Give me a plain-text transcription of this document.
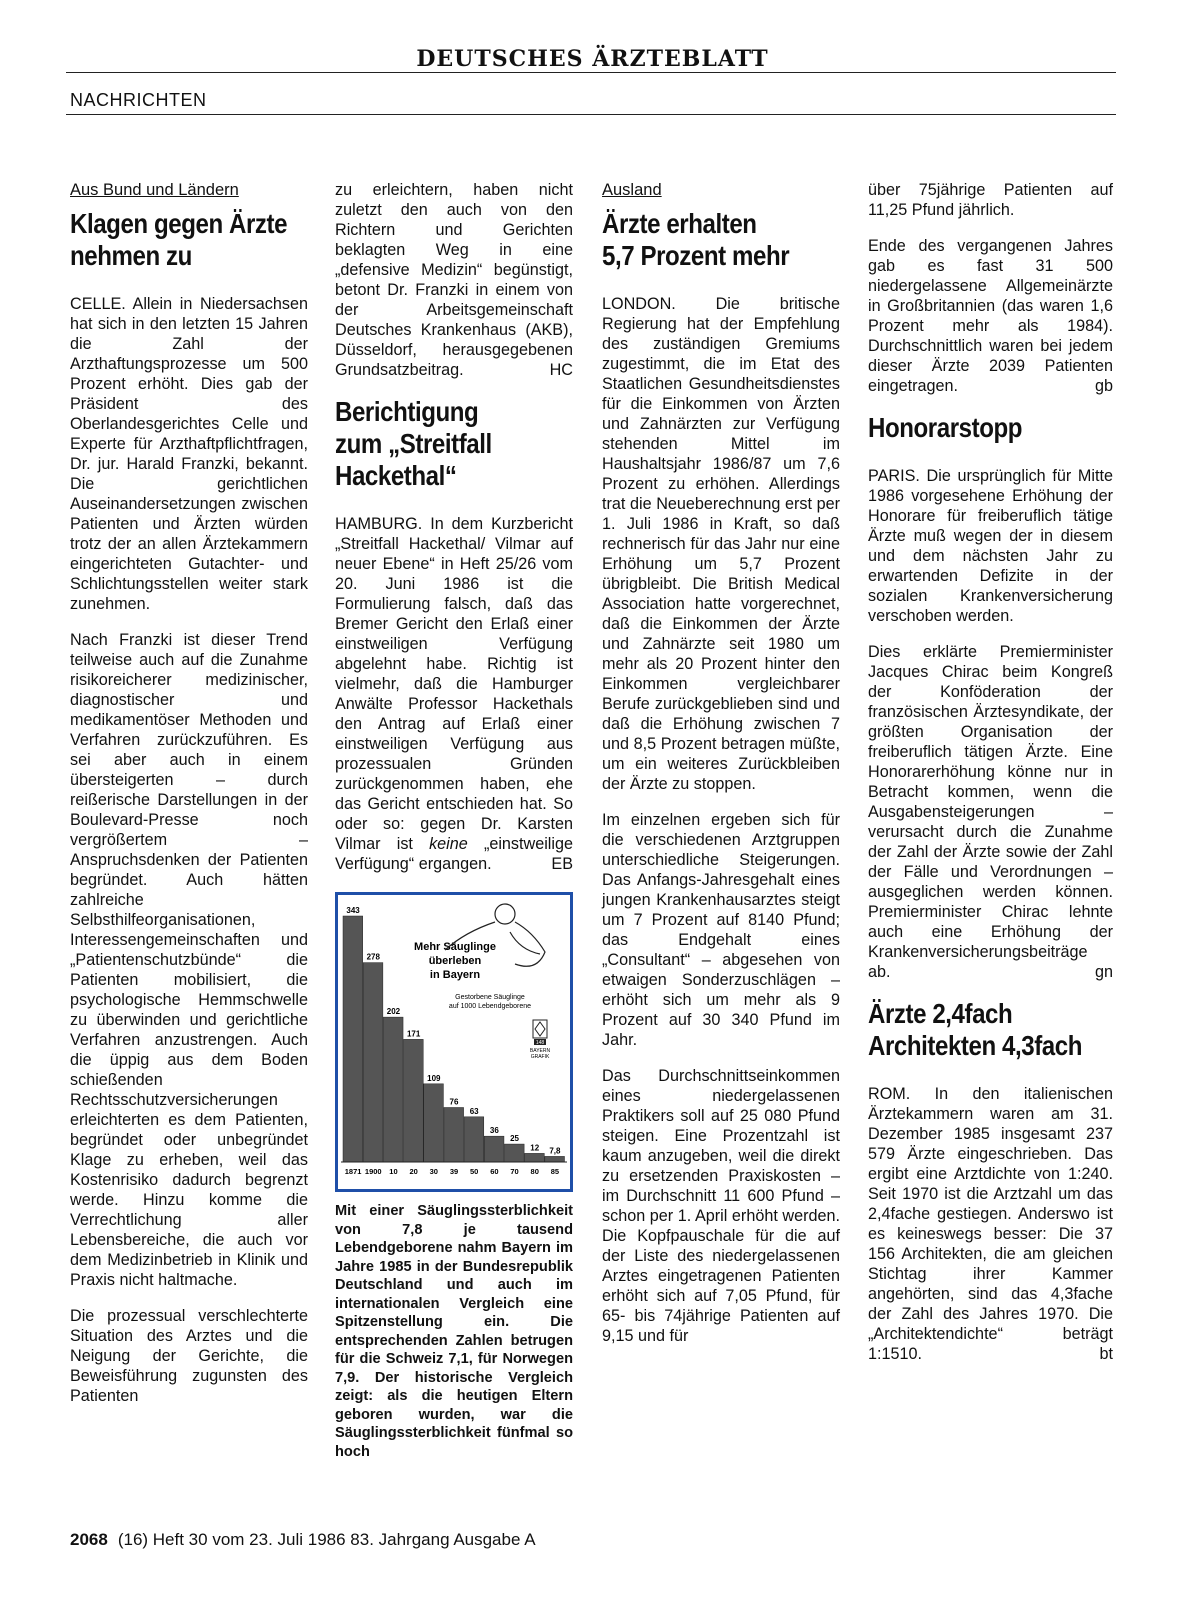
DEUTSCHES ÄRZTEBLATT
NACHRICHTEN
Aus Bund und Ländern
Klagen gegen Ärzte
nehmen zu

CELLE. Allein in Niedersachsen hat sich in den letzten 15 Jahren die Zahl der Arzthaftungsprozesse um 500 Prozent erhöht. Dies gab der Präsident des Oberlandesgerichtes Celle und Experte für Arzthaftpflichtfragen, Dr. jur. Harald Franzki, bekannt. Die gerichtlichen Auseinandersetzungen zwischen Patienten und Ärzten würden trotz der an allen Ärztekammern eingerichteten Gutachter- und Schlichtungsstellen weiter stark zunehmen.

Nach Franzki ist dieser Trend teilweise auch auf die Zunahme risikoreicherer medizinischer, diagnostischer und medikamentöser Methoden und Verfahren zurückzuführen. Es sei aber auch in einem übersteigerten – durch reißerische Darstellungen in der Boulevard-Presse noch vergrößertem – Anspruchsdenken der Patienten begründet. Auch hätten zahlreiche Selbsthilfeorganisationen, Interessengemeinschaften und „Patientenschutzbünde“ die Patienten mobilisiert, die psychologische Hemmschwelle zu überwinden und gerichtliche Verfahren anzustrengen. Auch die üppig aus dem Boden schießenden Rechtsschutzversicherungen erleichterten es dem Patienten, begründet oder unbegründet Klage zu erheben, weil das Kostenrisiko dadurch begrenzt werde. Hinzu komme die Verrechtlichung aller Lebensbereiche, die auch vor dem Medizinbetrieb in Klinik und Praxis nicht haltmache.

Die prozessual verschlechterte Situation des Arztes und die Neigung der Gerichte, die Beweisführung zugunsten des Patienten

zu erleichtern, haben nicht zuletzt den auch von den Richtern und Gerichten beklagten Weg in eine „defensive Medizin“ begünstigt, betont Dr. Franzki in einem von der Arbeitsgemeinschaft Deutsches Krankenhaus (AKB), Düsseldorf, herausgegebenen Grundsatzbeitrag.	HC

Berichtigung
zum „Streitfall
Hackethal“

HAMBURG. In dem Kurzbericht „Streitfall Hackethal/ Vilmar auf neuer Ebene“ in Heft 25/26 vom 20. Juni 1986 ist die Formulierung falsch, daß das Bremer Gericht den Erlaß einer einstweiligen Verfügung abgelehnt habe. Richtig ist vielmehr, daß die Hamburger Anwälte Professor Hackethals den Antrag auf Erlaß einer einstweiligen Verfügung aus prozessualen Gründen zurückgenommen haben, ehe das Gericht entschieden hat. So oder so: gegen Dr. Karsten Vilmar ist keine „einstweilige Verfügung“ ergangen.	EB

343
278
202
171
109
76
63
36
25
12 7,8
1871 1900 10 20 30 39 50 60 70 80 85
Mehr Säuglinge
überleben
in Bayern
Gestorbene Säuglinge
auf 1000 Lebendgeborene
148
BAYERN
GRAFIK
Mit einer Säuglingssterblichkeit von 7,8 je tausend Lebendgeborene nahm Bayern im Jahre 1985 in der Bundesrepublik Deutschland und auch im internationalen Vergleich eine Spitzenstellung ein. Die entsprechenden Zahlen betrugen für die Schweiz 7,1, für Norwegen 7,9. Der historische Vergleich zeigt: als die heutigen Eltern geboren wurden, war die Säuglingssterblichkeit fünfmal so hoch
Ausland
Ärzte erhalten
5,7 Prozent mehr

LONDON. Die britische Regierung hat der Empfehlung des zuständigen Gremiums zugestimmt, die im Etat des Staatlichen Gesundheitsdienstes für die Einkommen von Ärzten und Zahnärzten zur Verfügung stehenden Mittel im Haushaltsjahr 1986/87 um 7,6 Prozent zu erhöhen. Allerdings trat die Neueberechnung erst per 1. Juli 1986 in Kraft, so daß rechnerisch für das Jahr nur eine Erhöhung um 5,7 Prozent übrigbleibt. Die British Medical Association hatte vorgerechnet, daß die Einkommen der Ärzte und Zahnärzte seit 1980 um mehr als 20 Prozent hinter den Einkommen vergleichbarer Berufe zurückgeblieben sind und daß die Erhöhung zwischen 7 und 8,5 Prozent betragen müßte, um ein weiteres Zurückbleiben der Ärzte zu stoppen.

Im einzelnen ergeben sich für die verschiedenen Arztgruppen unterschiedliche Steigerungen. Das Anfangs-Jahresgehalt eines jungen Krankenhausarztes steigt um 7 Prozent auf 8140 Pfund; das Endgehalt eines „Consultant“ – abgesehen von etwaigen Sonderzuschlägen – erhöht sich um mehr als 9 Prozent auf 30 340 Pfund im Jahr.

Das Durchschnittseinkommen eines niedergelassenen Praktikers soll auf 25 080 Pfund steigen. Eine Prozentzahl ist kaum anzugeben, weil die direkt zu ersetzenden Praxiskosten – im Durchschnitt 11 600 Pfund – schon per 1. April erhöht werden. Die Kopfpauschale für die auf der Liste des niedergelassenen Arztes eingetragenen Patienten erhöht sich auf 7,05 Pfund, für 65- bis 74jährige Patienten auf 9,15 und für

über 75jährige Patienten auf 11,25 Pfund jährlich.

Ende des vergangenen Jahres gab es fast 31 500 niedergelassene Allgemeinärzte in Großbritannien (das waren 1,6 Prozent mehr als 1984). Durchschnittlich waren bei jedem dieser Ärzte 2039 Patienten eingetragen.	gb

Honorarstopp

PARIS. Die ursprünglich für Mitte 1986 vorgesehene Erhöhung der Honorare für freiberuflich tätige Ärzte muß wegen der in diesem und dem nächsten Jahr zu erwartenden Defizite in der sozialen Krankenversicherung verschoben werden.

Dies erklärte Premierminister Jacques Chirac beim Kongreß der Konföderation der französischen Ärztesyndikate, der größten Organisation der freiberuflich tätigen Ärzte. Eine Honorarerhöhung könne nur in Betracht kommen, wenn die Ausgabensteigerungen – verursacht durch die Zunahme der Zahl der Ärzte sowie der Zahl der Fälle und Verordnungen – ausgeglichen werden können. Premierminister Chirac lehnte auch eine Erhöhung der Krankenversicherungsbeiträge ab.	gn

Ärzte 2,4fach
Architekten 4,3fach

ROM. In den italienischen Ärztekammern waren am 31. Dezember 1985 insgesamt 237 579 Ärzte eingeschrieben. Das ergibt eine Arztdichte von 1:240. Seit 1970 ist die Arztzahl um das 2,4fache gestiegen. Anderswo ist es keineswegs besser: Die 37 156 Architekten, die am gleichen Stichtag ihrer Kammer angehörten, sind das 4,3fache der Zahl des Jahres 1970. Die „Architektendichte“ beträgt 1:1510.	bt

2068 (16) Heft 30 vom 23. Juli 1986 83. Jahrgang Ausgabe A
